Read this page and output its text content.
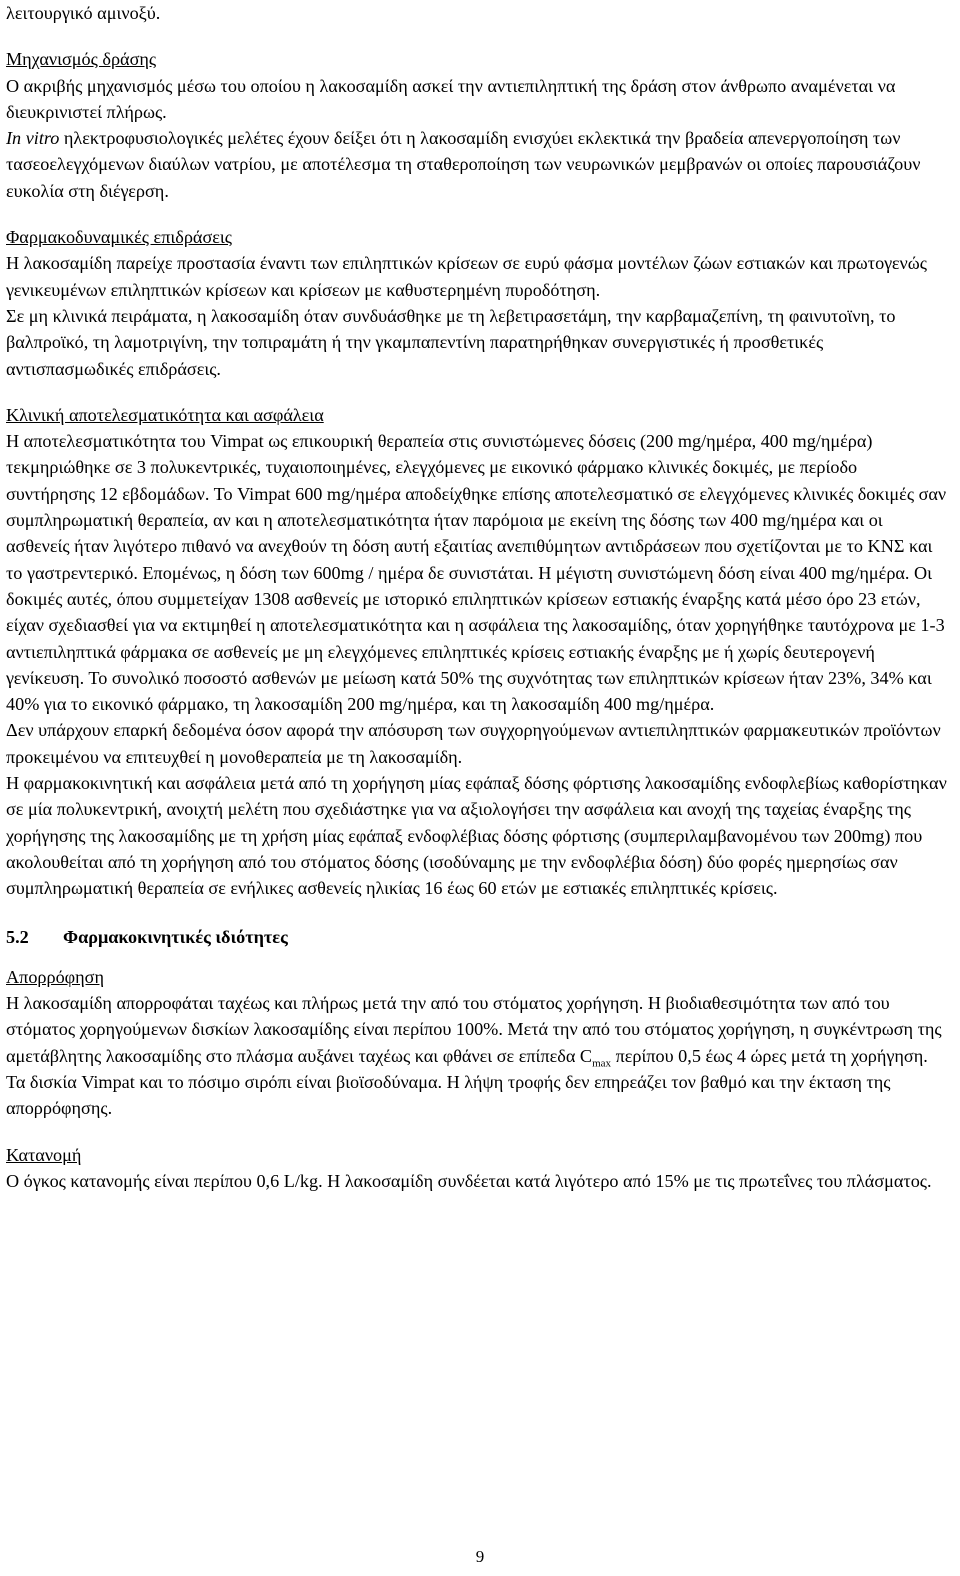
λειτουργικό αμινοξύ.

Μηχανισμός δράσης

Ο ακριβής μηχανισμός μέσω του οποίου η λακοσαμίδη ασκεί την αντιεπιληπτική της δράση στον άνθρωπο αναμένεται να διευκρινιστεί πλήρως.

In vitro ηλεκτροφυσιολογικές μελέτες έχουν δείξει ότι η λακοσαμίδη ενισχύει εκλεκτικά την βραδεία απενεργοποίηση των τασεοελεγχόμενων διαύλων νατρίου, με αποτέλεσμα τη σταθεροποίηση των νευρωνικών μεμβρανών οι οποίες παρουσιάζουν ευκολία στη διέγερση.

Φαρμακοδυναμικές επιδράσεις

Η λακοσαμίδη παρείχε προστασία έναντι των επιληπτικών κρίσεων σε ευρύ φάσμα μοντέλων ζώων εστιακών και πρωτογενώς γενικευμένων επιληπτικών κρίσεων και κρίσεων με καθυστερημένη πυροδότηση.

Σε μη κλινικά πειράματα, η λακοσαμίδη όταν συνδυάσθηκε με τη λεβετιρασετάμη, την καρβαμαζεπίνη, τη φαινυτοϊνη, το βαλπροϊκό, τη λαμοτριγίνη, την τοπιραμάτη ή την γκαμπαπεντίνη παρατηρήθηκαν συνεργιστικές ή προσθετικές αντισπασμωδικές επιδράσεις.

Κλινική αποτελεσματικότητα και ασφάλεια

Η αποτελεσματικότητα του Vimpat ως επικουρική θεραπεία στις συνιστώμενες δόσεις (200 mg/ημέρα, 400 mg/ημέρα) τεκμηριώθηκε σε 3 πολυκεντρικές, τυχαιοποιημένες, ελεγχόμενες με εικονικό φάρμακο κλινικές δοκιμές, με περίοδο συντήρησης 12 εβδομάδων. Το Vimpat 600 mg/ημέρα αποδείχθηκε επίσης αποτελεσματικό σε ελεγχόμενες κλινικές δοκιμές σαν συμπληρωματική θεραπεία, αν και η αποτελεσματικότητα ήταν παρόμοια με εκείνη της δόσης των 400 mg/ημέρα και οι ασθενείς ήταν λιγότερο πιθανό να ανεχθούν τη δόση αυτή εξαιτίας ανεπιθύμητων αντιδράσεων που σχετίζονται με το ΚΝΣ και το γαστρεντερικό. Επομένως, η δόση των 600mg / ημέρα δε συνιστάται. Η μέγιστη συνιστώμενη δόση είναι 400 mg/ημέρα. Οι δοκιμές αυτές, όπου συμμετείχαν 1308 ασθενείς με ιστορικό επιληπτικών κρίσεων εστιακής έναρξης κατά μέσο όρο 23 ετών, είχαν σχεδιασθεί για να εκτιμηθεί η αποτελεσματικότητα και η ασφάλεια της λακοσαμίδης, όταν χορηγήθηκε ταυτόχρονα με 1-3 αντιεπιληπτικά φάρμακα σε ασθενείς με μη ελεγχόμενες επιληπτικές κρίσεις εστιακής έναρξης με ή χωρίς δευτερογενή γενίκευση. Το συνολικό ποσοστό ασθενών με μείωση κατά 50% της συχνότητας των επιληπτικών κρίσεων ήταν 23%, 34% και 40% για το εικονικό φάρμακο, τη λακοσαμίδη 200 mg/ημέρα, και τη λακοσαμίδη 400 mg/ημέρα.

Δεν υπάρχουν επαρκή δεδομένα όσον αφορά την απόσυρση των συγχορηγούμενων αντιεπιληπτικών φαρμακευτικών προϊόντων προκειμένου να επιτευχθεί η μονοθεραπεία με τη λακοσαμίδη.

Η φαρμακοκινητική και ασφάλεια μετά από τη χορήγηση μίας εφάπαξ δόσης φόρτισης λακοσαμίδης ενδοφλεβίως καθορίστηκαν σε μία πολυκεντρική, ανοιχτή μελέτη που σχεδιάστηκε για να αξιολογήσει την ασφάλεια και ανοχή της ταχείας έναρξης της χορήγησης της λακοσαμίδης με τη χρήση μίας εφάπαξ ενδοφλέβιας δόσης φόρτισης (συμπεριλαμβανομένου των 200mg) που ακολουθείται από τη χορήγηση από του στόματος δόσης (ισοδύναμης με την ενδοφλέβια δόση) δύο φορές ημερησίως σαν συμπληρωματική θεραπεία σε ενήλικες ασθενείς ηλικίας 16 έως 60 ετών με εστιακές επιληπτικές κρίσεις.

5.2	Φαρμακοκινητικές ιδιότητες

Απορρόφηση

Η λακοσαμίδη απορροφάται ταχέως και πλήρως μετά την από του στόματος χορήγηση. Η βιοδιαθεσιμότητα των από του στόματος χορηγούμενων δισκίων λακοσαμίδης είναι περίπου 100%. Μετά την από του στόματος χορήγηση, η συγκέντρωση της αμετάβλητης λακοσαμίδης στο πλάσμα αυξάνει ταχέως και φθάνει σε επίπεδα $C_{max}$ περίπου 0,5 έως 4 ώρες μετά τη χορήγηση. Τα δισκία Vimpat και το πόσιμο σιρόπι είναι βιοϊσοδύναμα. Η λήψη τροφής δεν επηρεάζει τον βαθμό και την έκταση της απορρόφησης.

Κατανομή

Ο όγκος κατανομής είναι περίπου 0,6 L/kg. Η λακοσαμίδη συνδέεται κατά λιγότερο από 15% με τις πρωτεΐνες του πλάσματος.

9
